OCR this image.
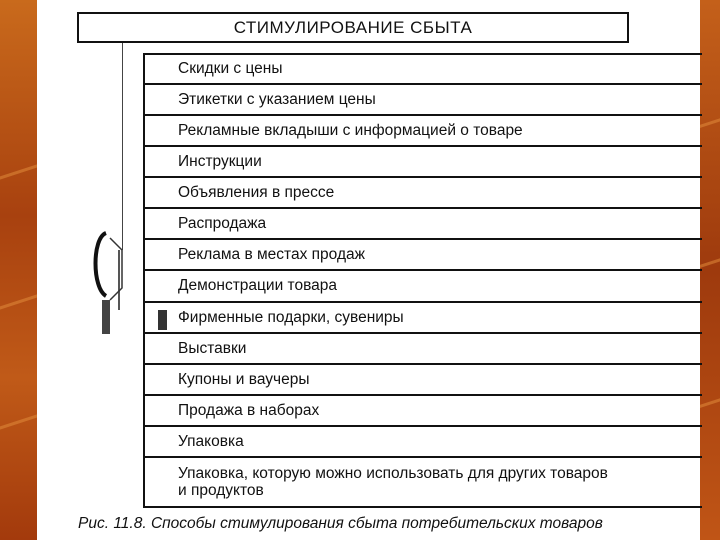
СТИМУЛИРОВАНИЕ СБЫТА
Скидки с цены
Этикетки с указанием цены
Рекламные вкладыши с информацией о товаре
Инструкции
Объявления в прессе
Распродажа
Реклама в местах продаж
Демонстрации товара
Фирменные подарки, сувениры
Выставки
Купоны и ваучеры
Продажа в наборах
Упаковка
Упаковка, которую можно использовать для других товаров
и продуктов
Рис. 11.8. Способы стимулирования сбыта потребительских товаров
